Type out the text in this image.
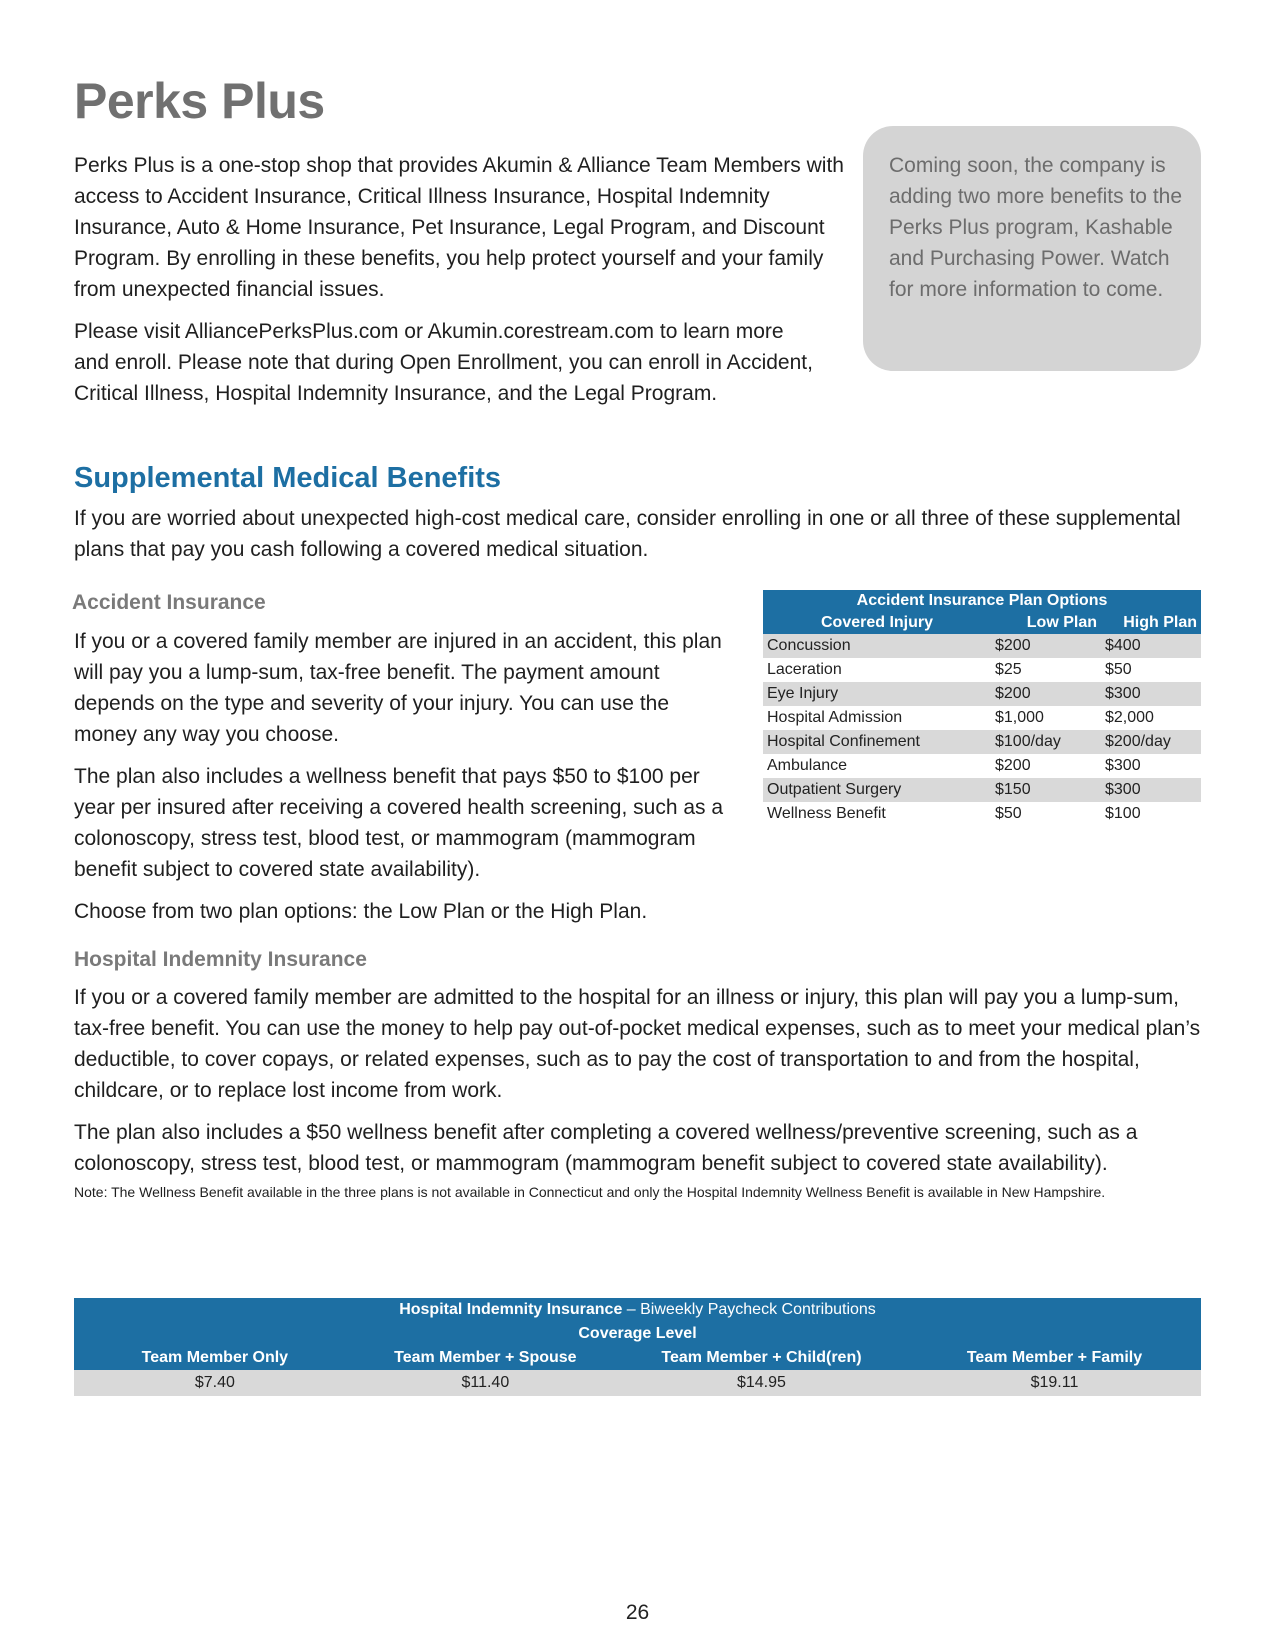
Perks Plus

Perks Plus is a one-stop shop that provides Akumin & Alliance Team Members with access to Accident Insurance, Critical Illness Insurance, Hospital Indemnity Insurance, Auto & Home Insurance, Pet Insurance, Legal Program, and Discount Program. By enrolling in these benefits, you help protect yourself and your family from unexpected financial issues.

Please visit AlliancePerksPlus.com or Akumin.corestream.com to learn more and enroll. Please note that during Open Enrollment, you can enroll in Accident, Critical Illness, Hospital Indemnity Insurance, and the Legal Program.

Coming soon, the company is adding two more benefits to the Perks Plus program, Kashable and Purchasing Power. Watch for more information to come.

Supplemental Medical Benefits

If you are worried about unexpected high-cost medical care, consider enrolling in one or all three of these supplemental plans that pay you cash following a covered medical situation.

Accident Insurance

If you or a covered family member are injured in an accident, this plan will pay you a lump-sum, tax-free benefit. The payment amount depends on the type and severity of your injury. You can use the money any way you choose.

The plan also includes a wellness benefit that pays $50 to $100 per year per insured after receiving a covered health screening, such as a colonoscopy, stress test, blood test, or mammogram (mammogram benefit subject to covered state availability).

Choose from two plan options: the Low Plan or the High Plan.

Accident Insurance Plan Options		
Covered Injury	Low Plan	High Plan
Concussion	$200	$400
Laceration	$25	$50
Eye Injury	$200	$300
Hospital Admission	$1,000	$2,000
Hospital Confinement	$100/day	$200/day
Ambulance	$200	$300
Outpatient Surgery	$150	$300
Wellness Benefit	$50	$100
Hospital Indemnity Insurance

If you or a covered family member are admitted to the hospital for an illness or injury, this plan will pay you a lump-sum, tax-free benefit. You can use the money to help pay out-of-pocket medical expenses, such as to meet your medical plan’s deductible, to cover copays, or related expenses, such as to pay the cost of transportation to and from the hospital, childcare, or to replace lost income from work.

The plan also includes a $50 wellness benefit after completing a covered wellness/preventive screening, such as a colonoscopy, stress test, blood test, or mammogram (mammogram benefit subject to covered state availability).

Note: The Wellness Benefit available in the three plans is not available in Connecticut and only the Hospital Indemnity Wellness Benefit is available in New Hampshire.

Hospital Indemnity Insurance – Biweekly Paycheck Contributions			
Coverage Level			
Team Member Only	Team Member + Spouse	Team Member + Child(ren)	Team Member + Family
$7.40	$11.40	$14.95	$19.11
26
